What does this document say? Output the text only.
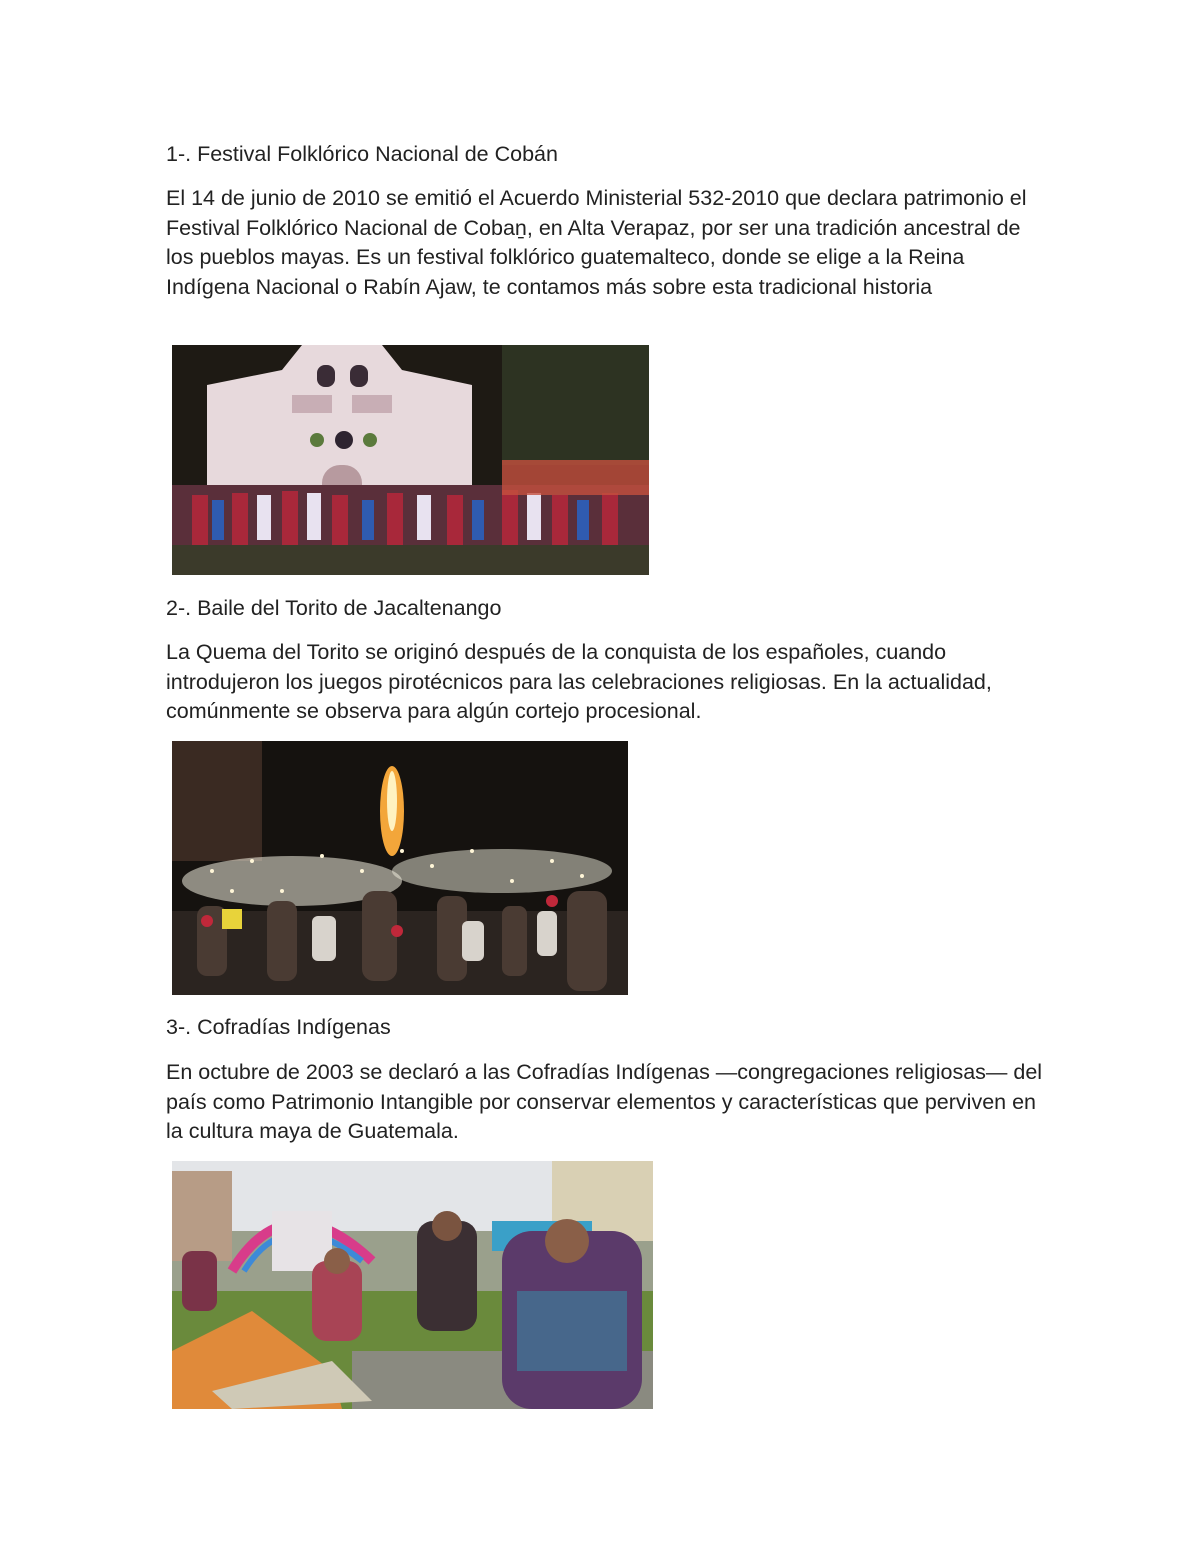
1-. Festival Folklórico Nacional de Cobán

El 14 de junio de 2010 se emitió el Acuerdo Ministerial 532-2010 que declara patrimonio el Festival Folklórico Nacional de Cobaṉ, en Alta Verapaz, por ser una tradición ancestral de los pueblos mayas. Es un festival folklórico guatemalteco, donde se elige a la Reina Indígena Nacional o Rabín Ajaw, te contamos más sobre esta tradicional historia

2-. Baile del Torito de Jacaltenango

La Quema del Torito se originó después de la conquista de los españoles, cuando introdujeron los juegos pirotécnicos para las celebraciones religiosas. En la actualidad, comúnmente se observa para algún cortejo procesional.

3-. Cofradías Indígenas

En octubre de 2003 se declaró a las Cofradías Indígenas —congregaciones religiosas— del país como Patrimonio Intangible por conservar elementos y características que perviven en la cultura maya de Guatemala.
